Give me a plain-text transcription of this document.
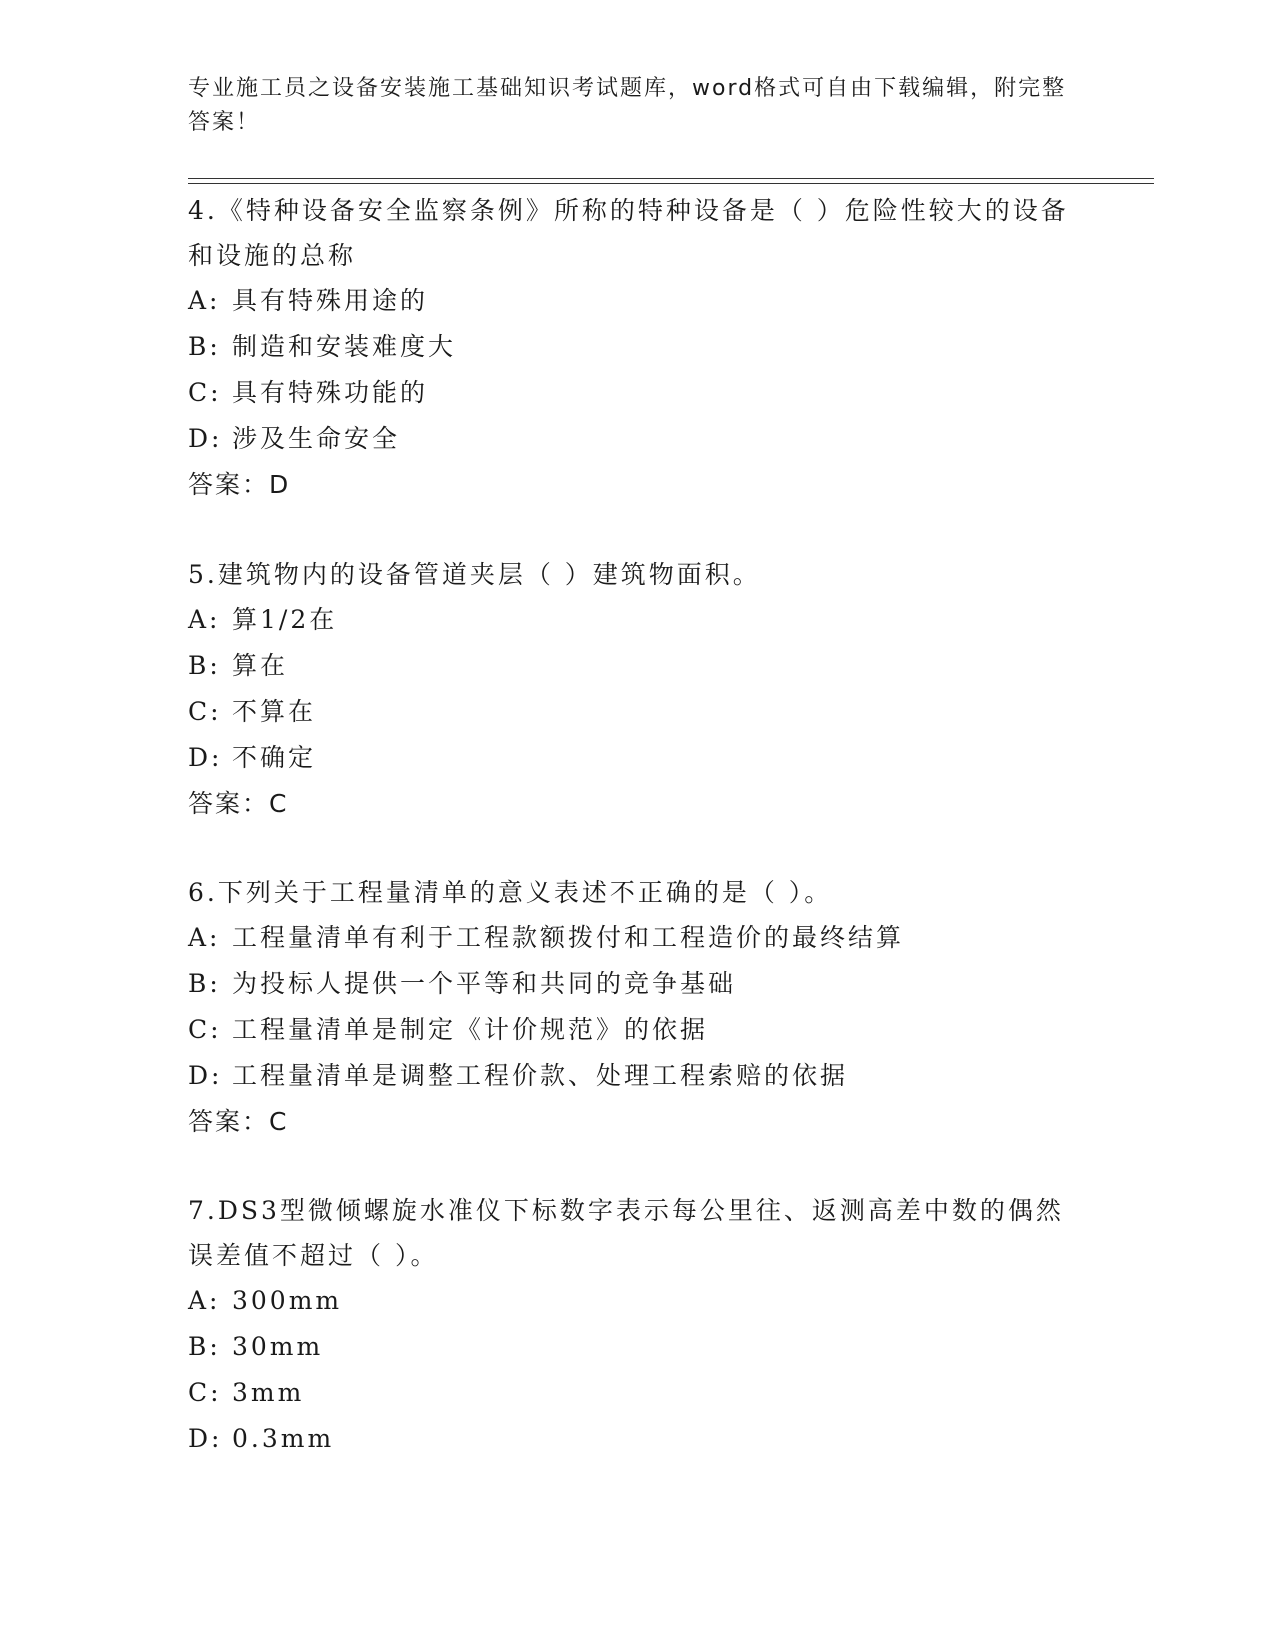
专业施工员之设备安装施工基础知识考试题库，word格式可自由下载编辑，附完整答案！

4.《特种设备安全监察条例》所称的特种设备是（ ）危险性较大的设备和设施的总称

A: 具有特殊用途的

B: 制造和安装难度大

C: 具有特殊功能的

D: 涉及生命安全

答案：D

5.建筑物内的设备管道夹层（ ）建筑物面积。

A: 算1/2在

B: 算在

C: 不算在

D: 不确定

答案：C

6.下列关于工程量清单的意义表述不正确的是（ ）。

A: 工程量清单有利于工程款额拨付和工程造价的最终结算

B: 为投标人提供一个平等和共同的竞争基础

C: 工程量清单是制定《计价规范》的依据

D: 工程量清单是调整工程价款、处理工程索赔的依据

答案：C

7.DS3型微倾螺旋水准仪下标数字表示每公里往、返测高差中数的偶然误差值不超过（ ）。

A: 300mm

B: 30mm

C: 3mm

D: 0.3mm
